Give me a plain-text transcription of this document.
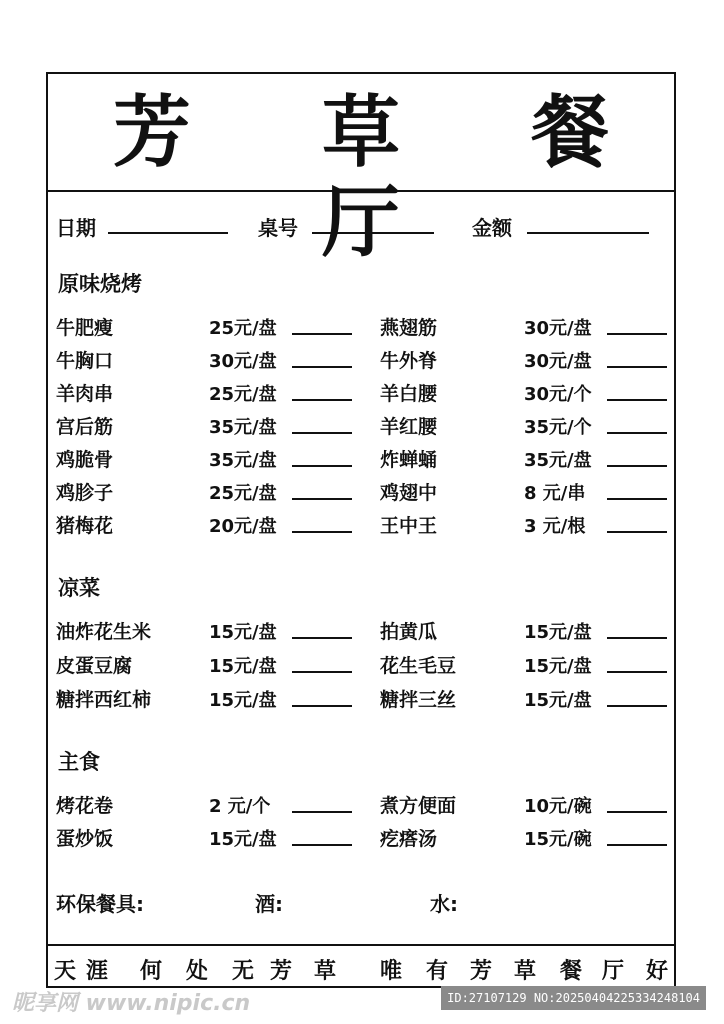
芳 草 餐 厅
日期	桌号	金额
原味烧烤
牛肥瘦	25元/盘	燕翅筋	30元/盘
牛胸口	30元/盘	牛外脊	30元/盘
羊肉串	25元/盘	羊白腰	30元/个
宫后筋	35元/盘	羊红腰	35元/个
鸡脆骨	35元/盘	炸蝉蛹	35元/盘
鸡胗子	25元/盘	鸡翅中	8 元/串
猪梅花	20元/盘	王中王	3 元/根
凉菜
油炸花生米	15元/盘	拍黄瓜	15元/盘
皮蛋豆腐	15元/盘	花生毛豆	15元/盘
糖拌西红柿	15元/盘	糖拌三丝	15元/盘
主食
烤花卷	2 元/个	煮方便面	10元/碗
蛋炒饭	15元/盘	疙瘩汤	15元/碗
环保餐具:	酒:	水:
天 涯 何 处 无 芳 草 唯 有 芳 草 餐 厅 好
昵享网 www.nipic.cn	ID:27107129 NO:20250404225334248104
